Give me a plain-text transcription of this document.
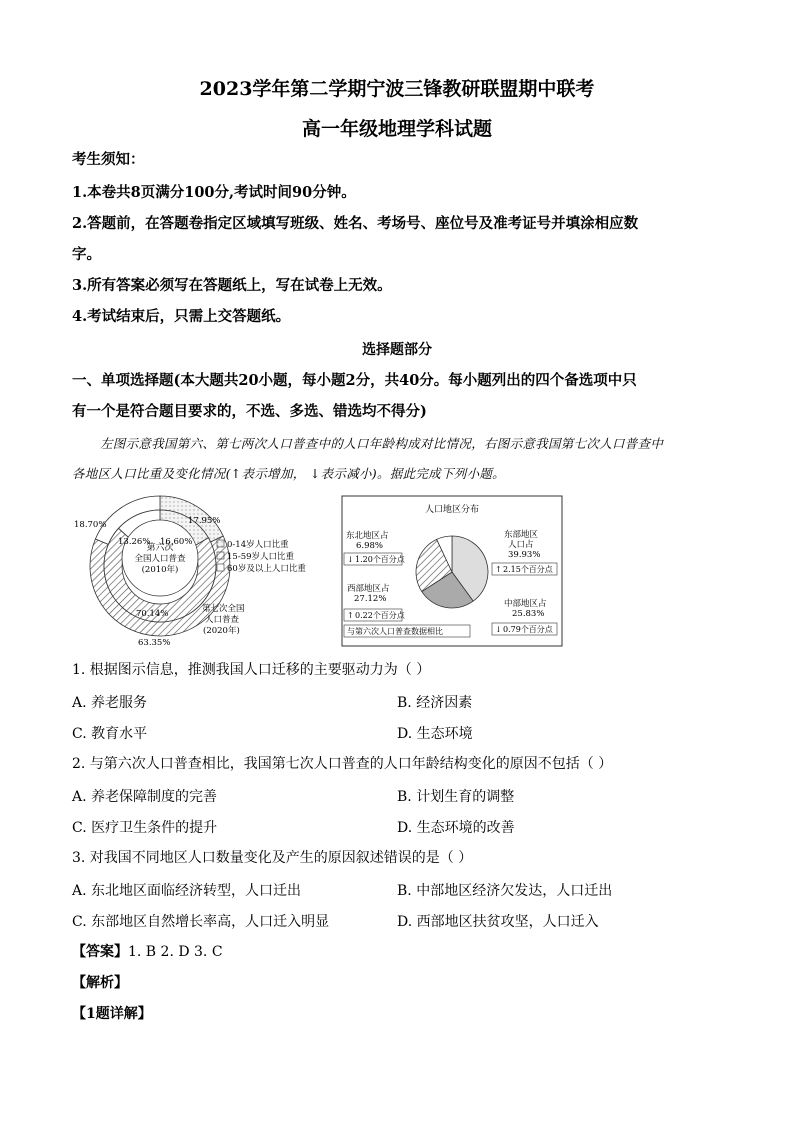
2023学年第二学期宁波三锋教研联盟期中联考
高一年级地理学科试题
考生须知：
1.本卷共8页满分100分,考试时间90分钟。
2.答题前，在答题卷指定区域填写班级、姓名、考场号、座位号及准考证号并填涂相应数
字。
3.所有答案必须写在答题纸上，写在试卷上无效。
4.考试结束后，只需上交答题纸。
选择题部分
一、单项选择题(本大题共20小题，每小题2分，共40分。每小题列出的四个备选项中只
有一个是符合题目要求的，不选、多选、错选均不得分)
左图示意我国第六、第七两次人口普查中的人口年龄构成对比情况，右图示意我国第七次人口普查中
各地区人口比重及变化情况(↑表示增加， ↓表示减小)。据此完成下列小题。
第六次
全国人口普查
(2010年)
17.95%
18.70%
63.35%
16.60%
13.26%
70.14%	第七次全国
人口普查
(2020年)
0-14岁人口比重
15-59岁人口比重
60岁及以上人口比重
人口地区分布
东北地区占
6.98%
↓ 1.20个百分点
东部地区
人口占
39.93%
↑ 2.15个百分点
西部地区占
27.12%
↑ 0.22个百分点
中部地区占
25.83%
↓ 0.79个百分点
与第六次人口普查数据相比
1. 根据图示信息，推测我国人口迁移的主要驱动力为（ ）
A. 养老服务	B. 经济因素
C. 教育水平	D. 生态环境
2. 与第六次人口普查相比，我国第七次人口普查的人口年龄结构变化的原因不包括（ ）
A. 养老保障制度的完善	B. 计划生育的调整
C. 医疗卫生条件的提升	D. 生态环境的改善
3. 对我国不同地区人口数量变化及产生的原因叙述错误的是（ ）
A. 东北地区面临经济转型，人口迁出	B. 中部地区经济欠发达，人口迁出
C. 东部地区自然增长率高，人口迁入明显	D. 西部地区扶贫攻坚，人口迁入
【答案】1. B 2. D 3. C
【解析】
【1题详解】
